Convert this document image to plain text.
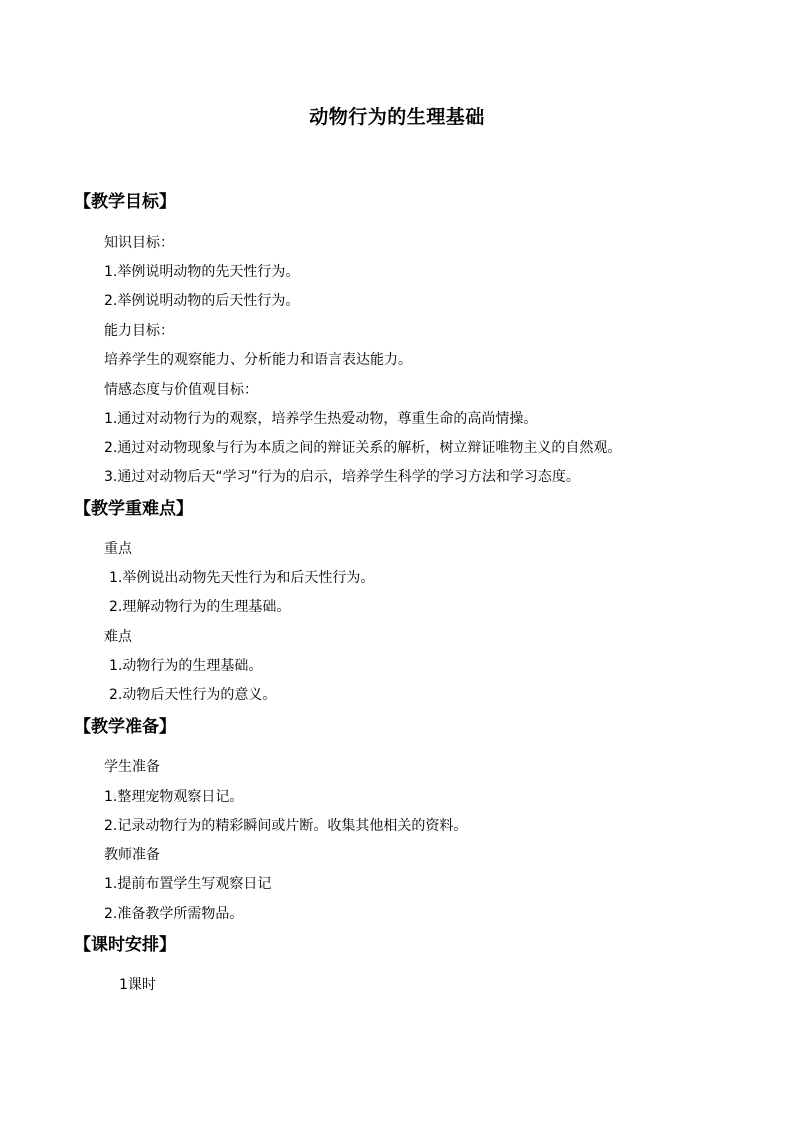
动物行为的生理基础
【教学目标】
知识目标：
1.举例说明动物的先天性行为。
2.举例说明动物的后天性行为。
能力目标：
培养学生的观察能力、分析能力和语言表达能力。
情感态度与价值观目标：
1.通过对动物行为的观察，培养学生热爱动物，尊重生命的高尚情操。
2.通过对动物现象与行为本质之间的辩证关系的解析，树立辩证唯物主义的自然观。
3.通过对动物后天“学习”行为的启示，培养学生科学的学习方法和学习态度。
【教学重难点】
重点
1.举例说出动物先天性行为和后天性行为。
2.理解动物行为的生理基础。
难点
1.动物行为的生理基础。
2.动物后天性行为的意义。
【教学准备】
学生准备
1.整理宠物观察日记。
2.记录动物行为的精彩瞬间或片断。收集其他相关的资料。
教师准备
1.提前布置学生写观察日记
2.准备教学所需物品。
【课时安排】
1课时
